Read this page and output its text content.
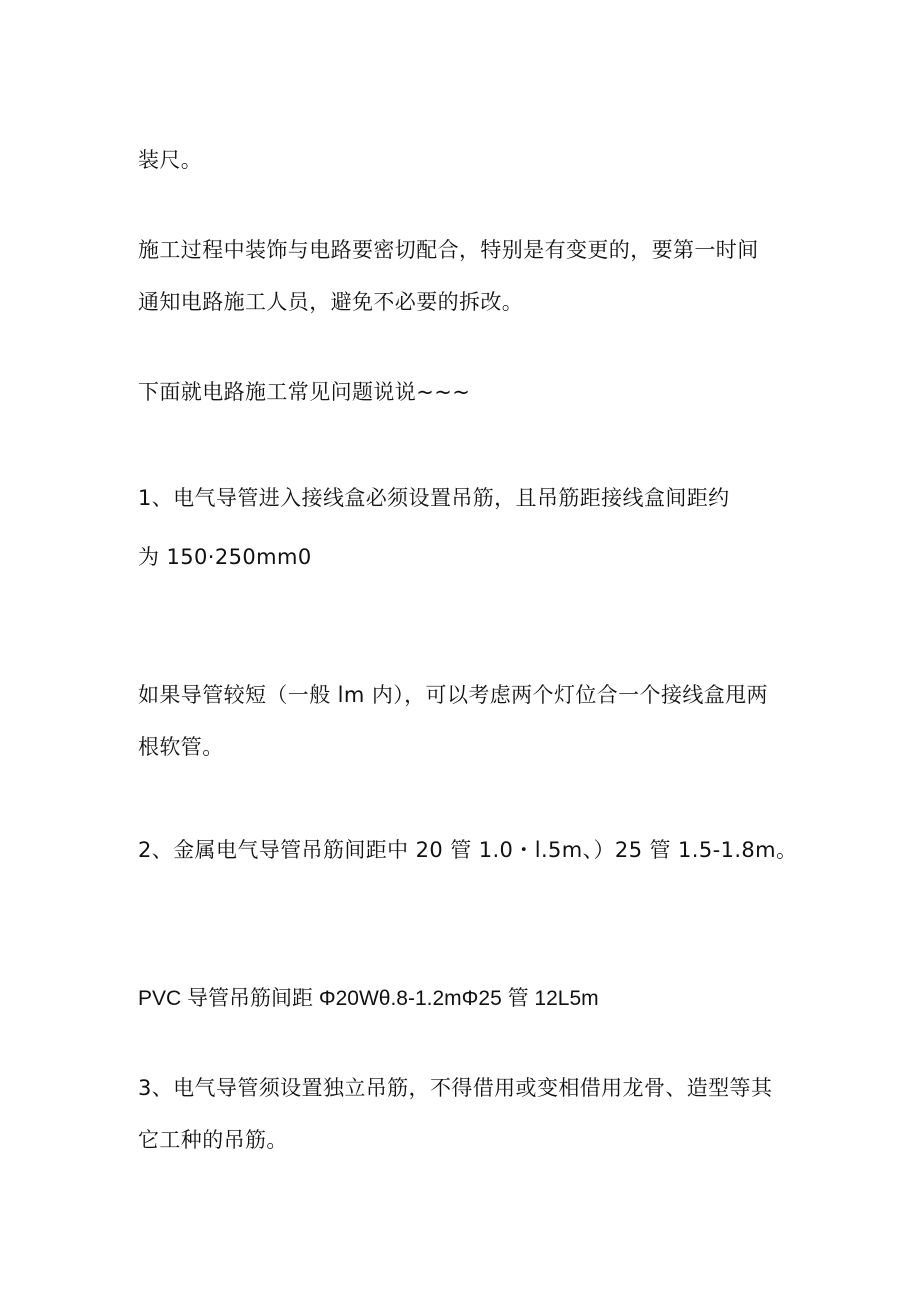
装尺。
施工过程中装饰与电路要密切配合，特别是有变更的，要第一时间
通知电路施工人员，避免不必要的拆改。
下面就电路施工常见问题说说~~~
1、电气导管进入接线盒必须设置吊筋，且吊筋距接线盒间距约
为 150·250mm0
如果导管较短（一般 lm 内），可以考虑两个灯位合一个接线盒甩两
根软管。
2、金属电气导管吊筋间距中 20 管 1.0・l.5m、）25 管 1.5-1.8m。
PVC 导管吊筋间距 Φ20Wθ.8-1.2mΦ25 管 12L5m
3、电气导管须设置独立吊筋，不得借用或变相借用龙骨、造型等其
它工种的吊筋。
